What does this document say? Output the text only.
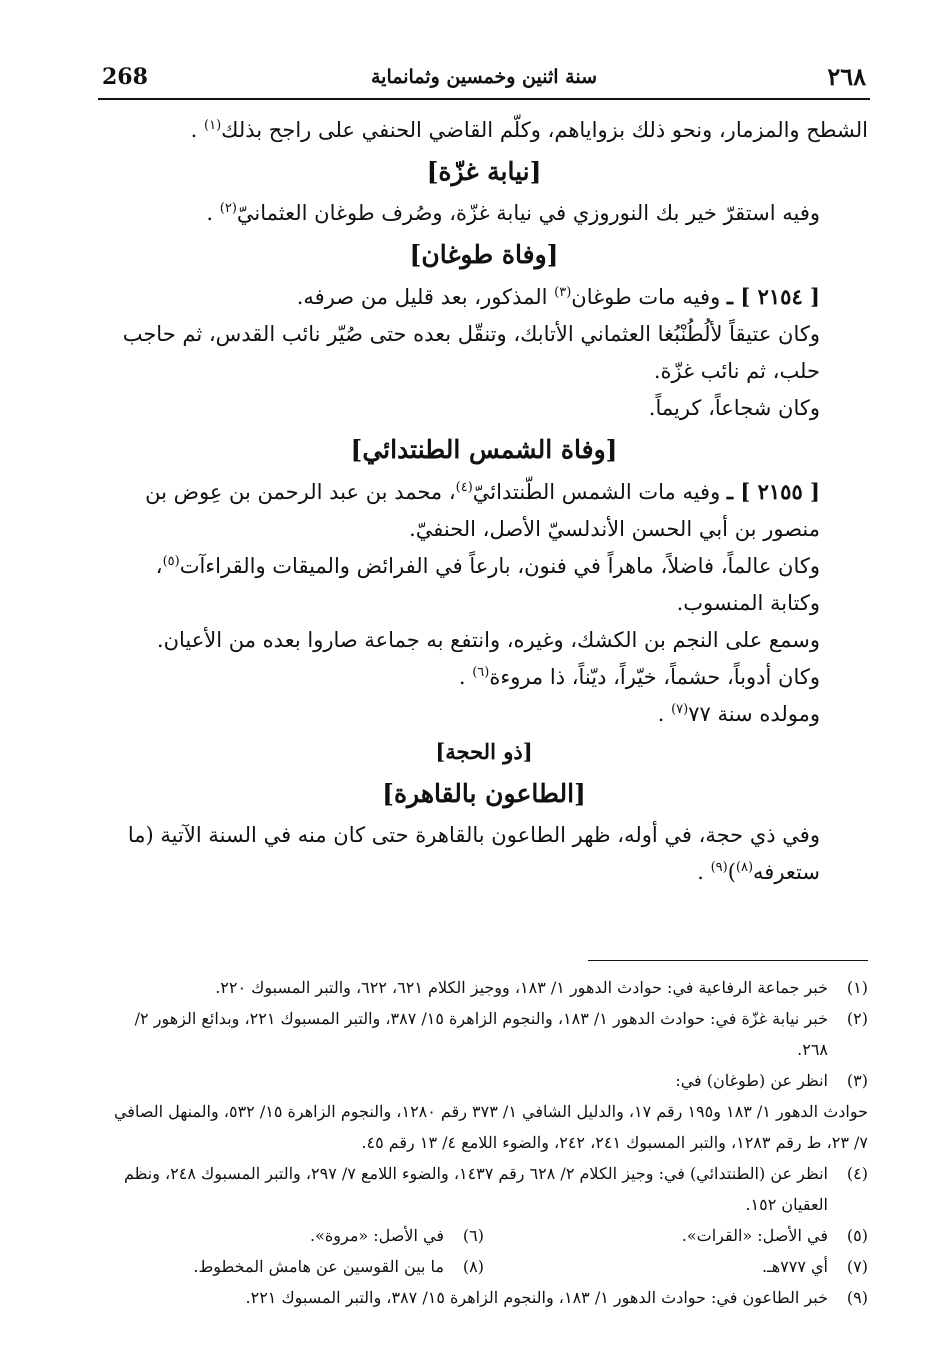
268	سنة اثنين وخمسين وثمانماية	٢٦٨

الشطح والمزمار، ونحو ذلك بزواياهم، وكلّم القاضي الحنفي على راجح بذلك$^{(١)}$ .

[نيابة غزّة]

وفيه استقرّ خير بك النوروزي في نيابة غزّة، وصُرف طوغان العثمانيّ$^{(٢)}$ .

[وفاة طوغان]

[ ٢١٥٤ ] ـ وفيه مات طوغان$^{(٣)}$ المذكور، بعد قليل من صرفه.

وكان عتيقاً لألُطُنْبُغا العثماني الأتابك، وتنقّل بعده حتى صُيّر نائب القدس، ثم حاجب حلب، ثم نائب غزّة.

وكان شجاعاً، كريماً.

[وفاة الشمس الطنتدائي]

[ ٢١٥٥ ] ـ وفيه مات الشمس الطّنتدائيّ$^{(٤)}$، محمد بن عبد الرحمن بن عِوض بن منصور بن أبي الحسن الأندلسيّ الأصل، الحنفيّ.

وكان عالماً، فاضلاً، ماهراً في فنون، بارعاً في الفرائض والميقات والقراءآت$^{(٥)}$، وكتابة المنسوب.

وسمع على النجم بن الكشك، وغيره، وانتفع به جماعة صاروا بعده من الأعيان.

وكان أدوباً، حشماً، خيّراً، ديّناً، ذا مروءة$^{(٦)}$ .

ومولده سنة ٧٧$^{(٧)}$ .

[ذو الحجة]

[الطاعون بالقاهرة]

وفي ذي حجة، في أوله، ظهر الطاعون بالقاهرة حتى كان منه في السنة الآتية (ما ستعرفه$^{(٨)}$)$^{(٩)}$ .

(١)
خبر جماعة الرفاعية في: حوادث الدهور ١/ ١٨٣، ووجيز الكلام ٦٢١، ٦٢٢، والتبر المسبوك ٢٢٠.
(٢)
خبر نيابة غزّة في: حوادث الدهور ١/ ١٨٣، والنجوم الزاهرة ١٥/ ٣٨٧، والتبر المسبوك ٢٢١، وبدائع الزهور ٢/ ٢٦٨.
(٣)
انظر عن (طوغان) في:
حوادث الدهور ١/ ١٨٣ و١٩٥ رقم ١٧، والدليل الشافي ١/ ٣٧٣ رقم ١٢٨٠، والنجوم الزاهرة ١٥/ ٥٣٢، والمنهل الصافي ٧/ ٢٣، ط رقم ١٢٨٣، والتبر المسبوك ٢٤١، ٢٤٢، والضوء اللامع ٤/ ١٣ رقم ٤٥.
(٤)
انظر عن (الطنتدائي) في: وجيز الكلام ٢/ ٦٢٨ رقم ١٤٣٧، والضوء اللامع ٧/ ٢٩٧، والتبر المسبوك ٢٤٨، ونظم العقيان ١٥٢.
(٥)
في الأصل: «القرات».
(٦)
في الأصل: «مروة».
(٧)
أي ٧٧٧هـ.
(٨)
ما بين القوسين عن هامش المخطوط.
(٩)
خبر الطاعون في: حوادث الدهور ١/ ١٨٣، والنجوم الزاهرة ١٥/ ٣٨٧، والتبر المسبوك ٢٢١.
